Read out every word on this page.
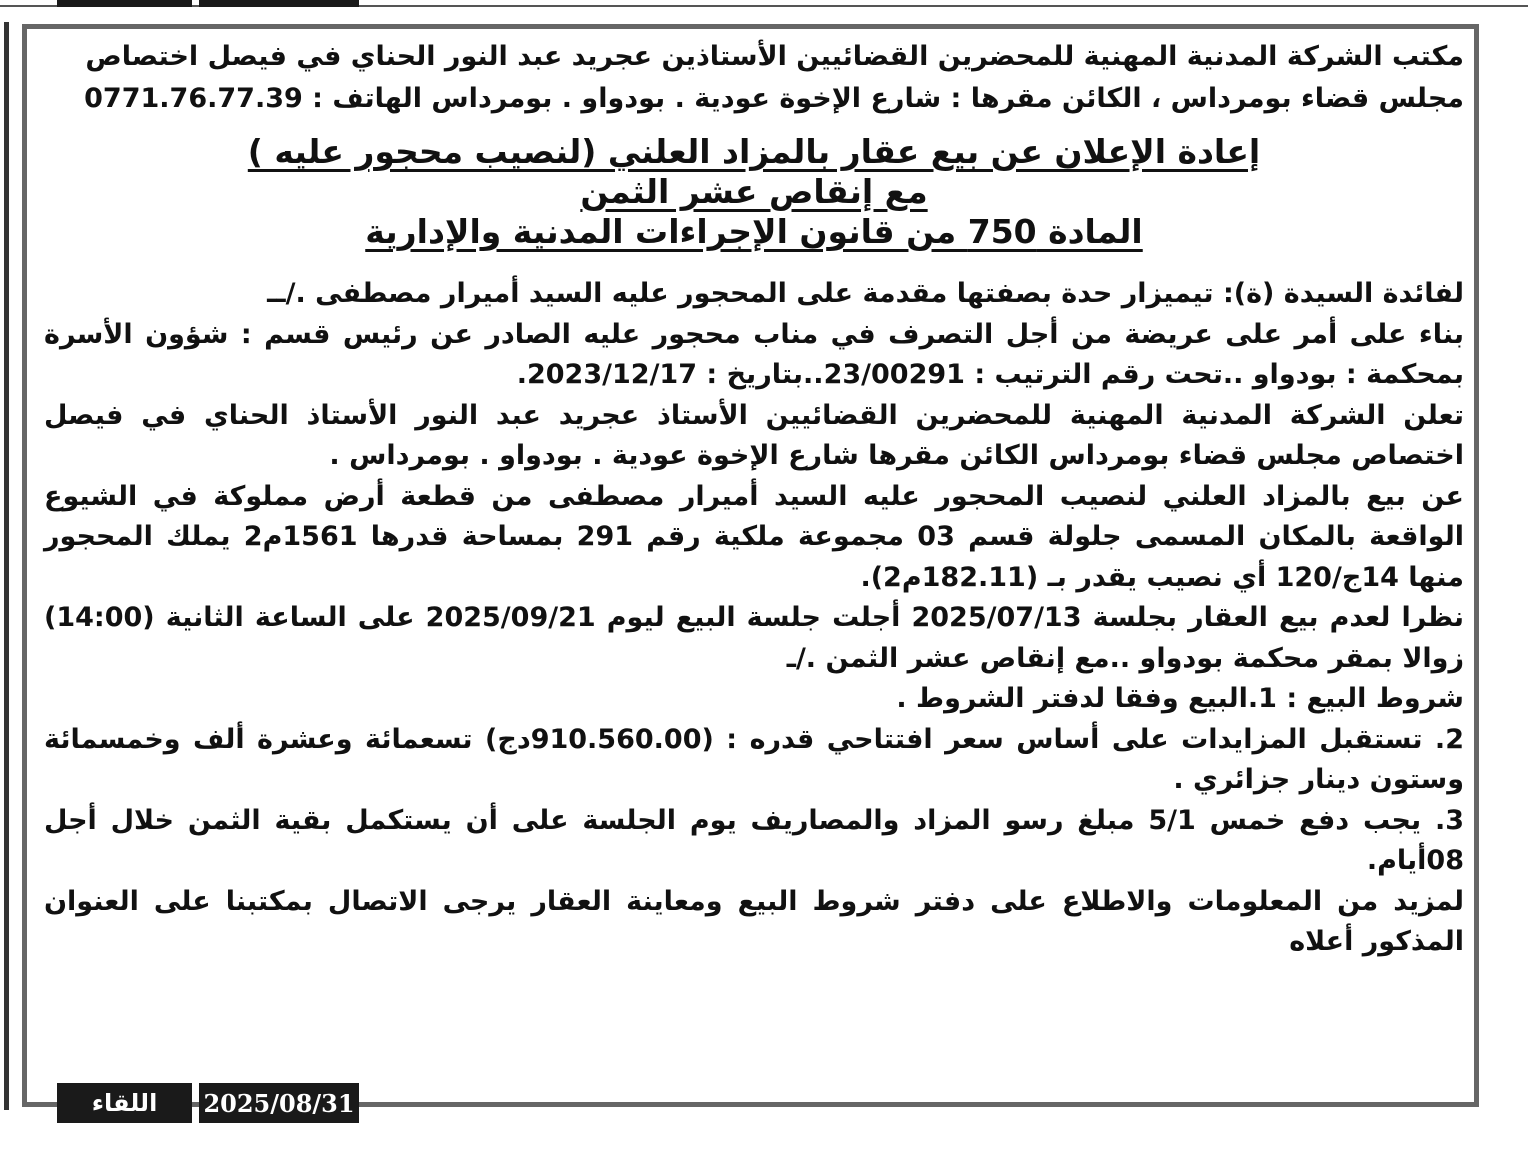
مكتب الشركة المدنية المهنية للمحضرين القضائيين الأستاذين عجريد عبد النور الحناي في فيصل اختصاص

مجلس قضاء بومرداس ، الكائن مقرها : شارع الإخوة عودية . بودواو . بومرداس الهاتف : 0771.76.77.39

إعادة الإعلان عن بيع عقار بالمزاد العلني (لنصيب محجور عليه )
مع إنقاص عشر الثمن
المادة 750 من قانون الإجراءات المدنية والإدارية

لفائدة السيدة (ة): تيميزار حدة بصفتها مقدمة على المحجور عليه السيد أميرار مصطفى ./ــ

بناء على أمر على عريضة من أجل التصرف في مناب محجور عليه الصادر عن رئيس قسم : شؤون الأسرة بمحكمة : بودواو ..تحت رقم الترتيب : 23/00291..بتاريخ : 2023/12/17.

تعلن الشركة المدنية المهنية للمحضرين القضائيين الأستاذ عجريد عبد النور الأستاذ الحناي في فيصل اختصاص مجلس قضاء بومرداس الكائن مقرها شارع الإخوة عودية . بودواو . بومرداس .

عن بيع بالمزاد العلني لنصيب المحجور عليه السيد أميرار مصطفى من قطعة أرض مملوكة في الشيوع الواقعة بالمكان المسمى جلولة قسم 03 مجموعة ملكية رقم 291 بمساحة قدرها 1561م2 يملك المحجور منها 14ج/120 أي نصيب يقدر بـ (182.11م2).

نظرا لعدم بيع العقار بجلسة 2025/07/13 أجلت جلسة البيع ليوم 2025/09/21 على الساعة الثانية (14:00) زوالا بمقر محكمة بودواو ..مع إنقاص عشر الثمن ./ـ

شروط البيع : 1.البيع وفقا لدفتر الشروط .

2. تستقبل المزايدات على أساس سعر افتتاحي قدره : (910.560.00دج) تسعمائة وعشرة ألف وخمسمائة وستون دينار جزائري .

3. يجب دفع خمس 5/1 مبلغ رسو المزاد والمصاريف يوم الجلسة على أن يستكمل بقية الثمن خلال أجل 08أيام.

لمزيد من المعلومات والاطلاع على دفتر شروط البيع ومعاينة العقار يرجى الاتصال بمكتبنا على العنوان المذكور أعلاه

اللقاء	2025/08/31
